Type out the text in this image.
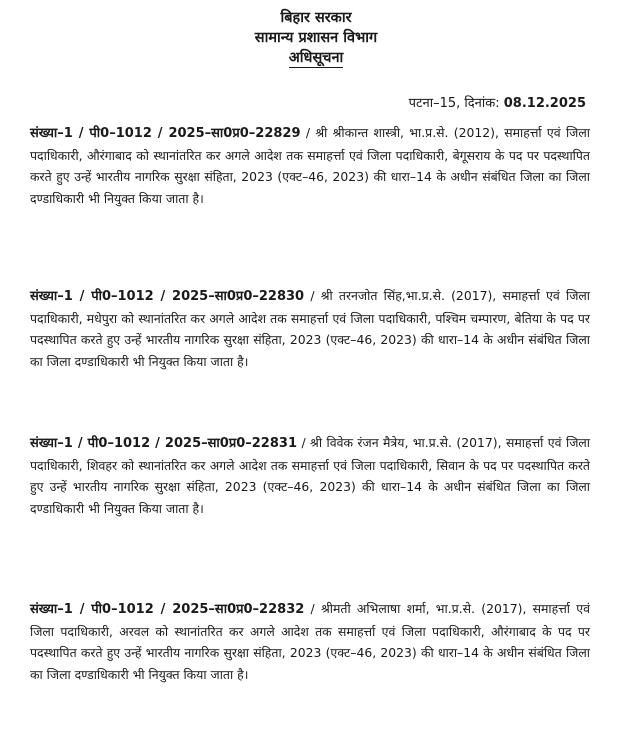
बिहार सरकार
सामान्य प्रशासन विभाग
अधिसूचना
पटना–15, दिनांक: 08.12.2025
संख्या–1 / पी0–1012 / 2025–सा0प्र0–22829 / श्री श्रीकान्त शास्त्री, भा.प्र.से. (2012), समाहर्त्ता एवं जिला पदाधिकारी, औरंगाबाद को स्थानांतरित कर अगले आदेश तक समाहर्त्ता एवं जिला पदाधिकारी, बेगूसराय के पद पर पदस्थापित करते हुए उन्हें भारतीय नागरिक सुरक्षा संहिता, 2023 (एक्ट–46, 2023) की धारा–14 के अधीन संबंधित जिला का जिला दण्डाधिकारी भी नियुक्त किया जाता है।
संख्या–1 / पी0–1012 / 2025–सा0प्र0–22830 / श्री तरनजोत सिंह,भा.प्र.से. (2017), समाहर्त्ता एवं जिला पदाधिकारी, मधेपुरा को स्थानांतरित कर अगले आदेश तक समाहर्त्ता एवं जिला पदाधिकारी, पश्चिम चम्पारण, बेतिया के पद पर पदस्थापित करते हुए उन्हें भारतीय नागरिक सुरक्षा संहिता, 2023 (एक्ट–46, 2023) की धारा–14 के अधीन संबंधित जिला का जिला दण्डाधिकारी भी नियुक्त किया जाता है।
संख्या–1 / पी0–1012 / 2025–सा0प्र0–22831 / श्री विवेक रंजन मैत्रेय, भा.प्र.से. (2017), समाहर्त्ता एवं जिला पदाधिकारी, शिवहर को स्थानांतरित कर अगले आदेश तक समाहर्त्ता एवं जिला पदाधिकारी, सिवान के पद पर पदस्थापित करते हुए उन्हें भारतीय नागरिक सुरक्षा संहिता, 2023 (एक्ट–46, 2023) की धारा–14 के अधीन संबंधित जिला का जिला दण्डाधिकारी भी नियुक्त किया जाता है।
संख्या–1 / पी0–1012 / 2025–सा0प्र0–22832 / श्रीमती अभिलाषा शर्मा, भा.प्र.से. (2017), समाहर्त्ता एवं जिला पदाधिकारी, अरवल को स्थानांतरित कर अगले आदेश तक समाहर्त्ता एवं जिला पदाधिकारी, औरंगाबाद के पद पर पदस्थापित करते हुए उन्हें भारतीय नागरिक सुरक्षा संहिता, 2023 (एक्ट–46, 2023) की धारा–14 के अधीन संबंधित जिला का जिला दण्डाधिकारी भी नियुक्त किया जाता है।
